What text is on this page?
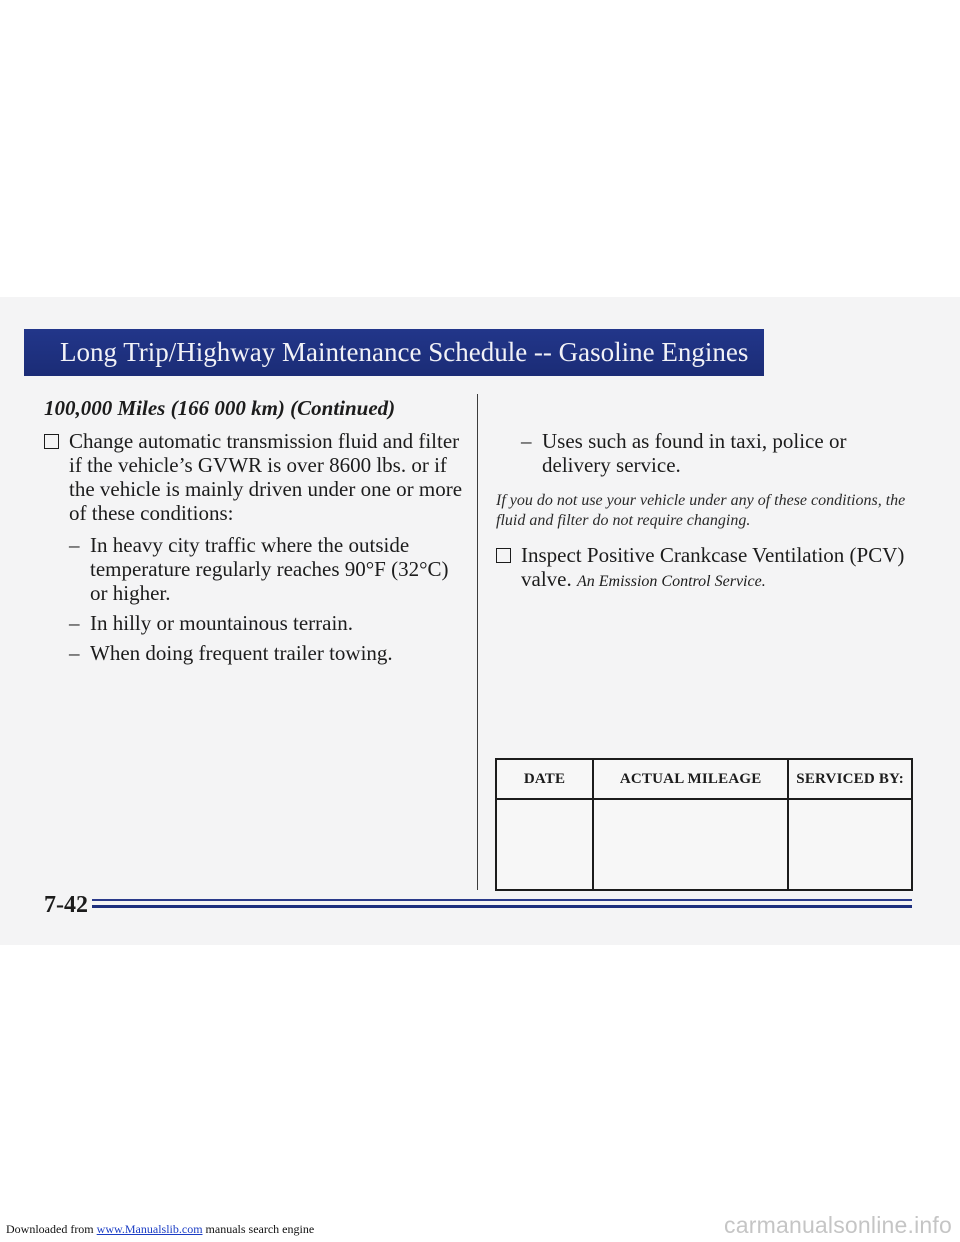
Long Trip/Highway Maintenance Schedule -- Gasoline Engines
100,000 Miles (166 000 km) (Continued)
Change automatic transmission fluid and filter if the vehicle’s GVWR is over 8600 lbs. or if the vehicle is mainly driven under one or more of these conditions:
– In heavy city traffic where the outside temperature regularly reaches 90°F (32°C) or higher.
– In hilly or mountainous terrain.
– When doing frequent trailer towing.
– Uses such as found in taxi, police or delivery service.
If you do not use your vehicle under any of these conditions, the fluid and filter do not require changing.
Inspect Positive Crankcase Ventilation (PCV) valve. An Emission Control Service.
DATE	ACTUAL MILEAGE	SERVICED BY:

7-42
Downloaded from www.Manualslib.com manuals search engine	carmanualsonline.info
